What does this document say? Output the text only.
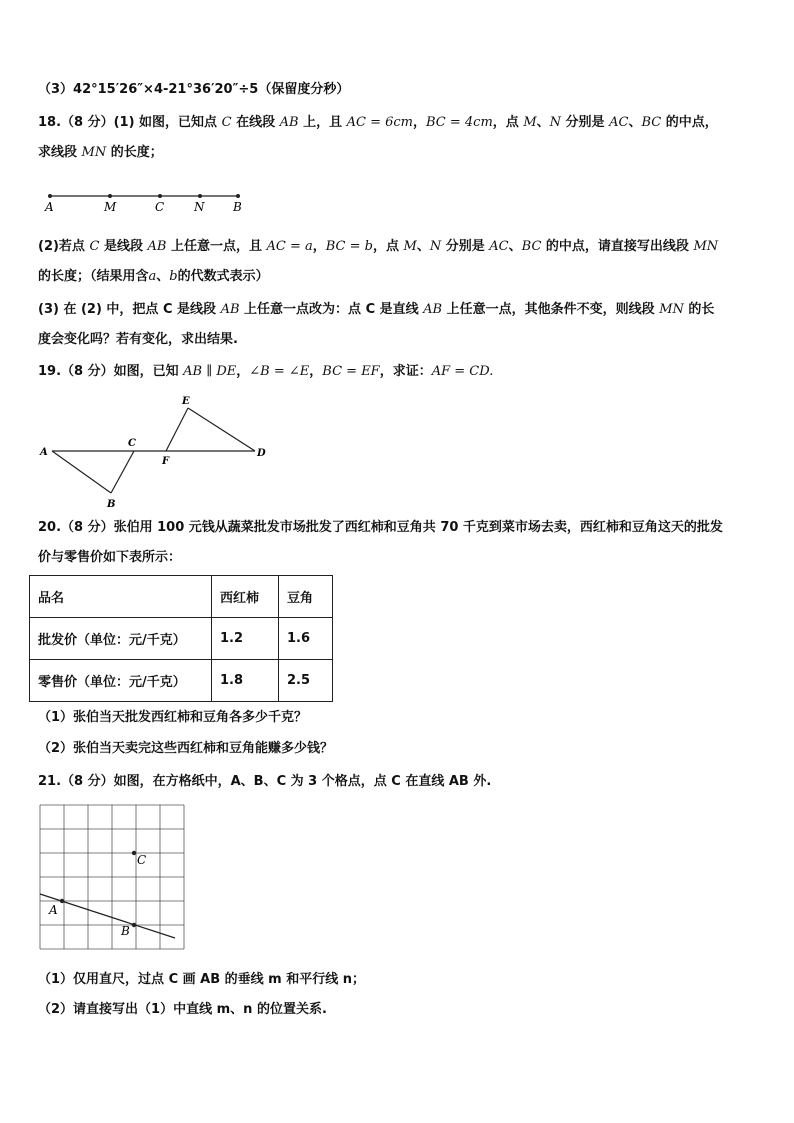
（3）42°15′26″×4-21°36′20″÷5（保留度分秒）
18.（8 分）(1) 如图，已知点 C 在线段 AB 上，且 AC = 6cm，BC = 4cm，点 M、N 分别是 AC、BC 的中点，
求线段 MN 的长度；
A	M	C N B
(2)若点 C 是线段 AB 上任意一点，且 AC = a，BC = b，点 M、N 分别是 AC、BC 的中点，请直接写出线段 MN
的长度；（结果用含a、b的代数式表示）
(3) 在 (2) 中，把点 C 是线段 AB 上任意一点改为：点 C 是直线 AB 上任意一点，其他条件不变，则线段 MN 的长
度会变化吗？若有变化，求出结果.
19.（8 分）如图，已知 AB ∥ DE，∠B = ∠E，BC = EF，求证：AF = CD.
A
B
C
F
E
D
20.（8 分）张伯用 100 元钱从蔬菜批发市场批发了西红柿和豆角共 70 千克到菜市场去卖，西红柿和豆角这天的批发
价与零售价如下表所示：
品名	西红柿	豆角
批发价（单位：元/千克）	1.2	1.6
零售价（单位：元/千克）	1.8	2.5
（1）张伯当天批发西红柿和豆角各多少千克？
（2）张伯当天卖完这些西红柿和豆角能赚多少钱？
21.（8 分）如图，在方格纸中，A、B、C 为 3 个格点，点 C 在直线 AB 外.
A
B
C
（1）仅用直尺，过点 C 画 AB 的垂线 m 和平行线 n；
（2）请直接写出（1）中直线 m、n 的位置关系.
